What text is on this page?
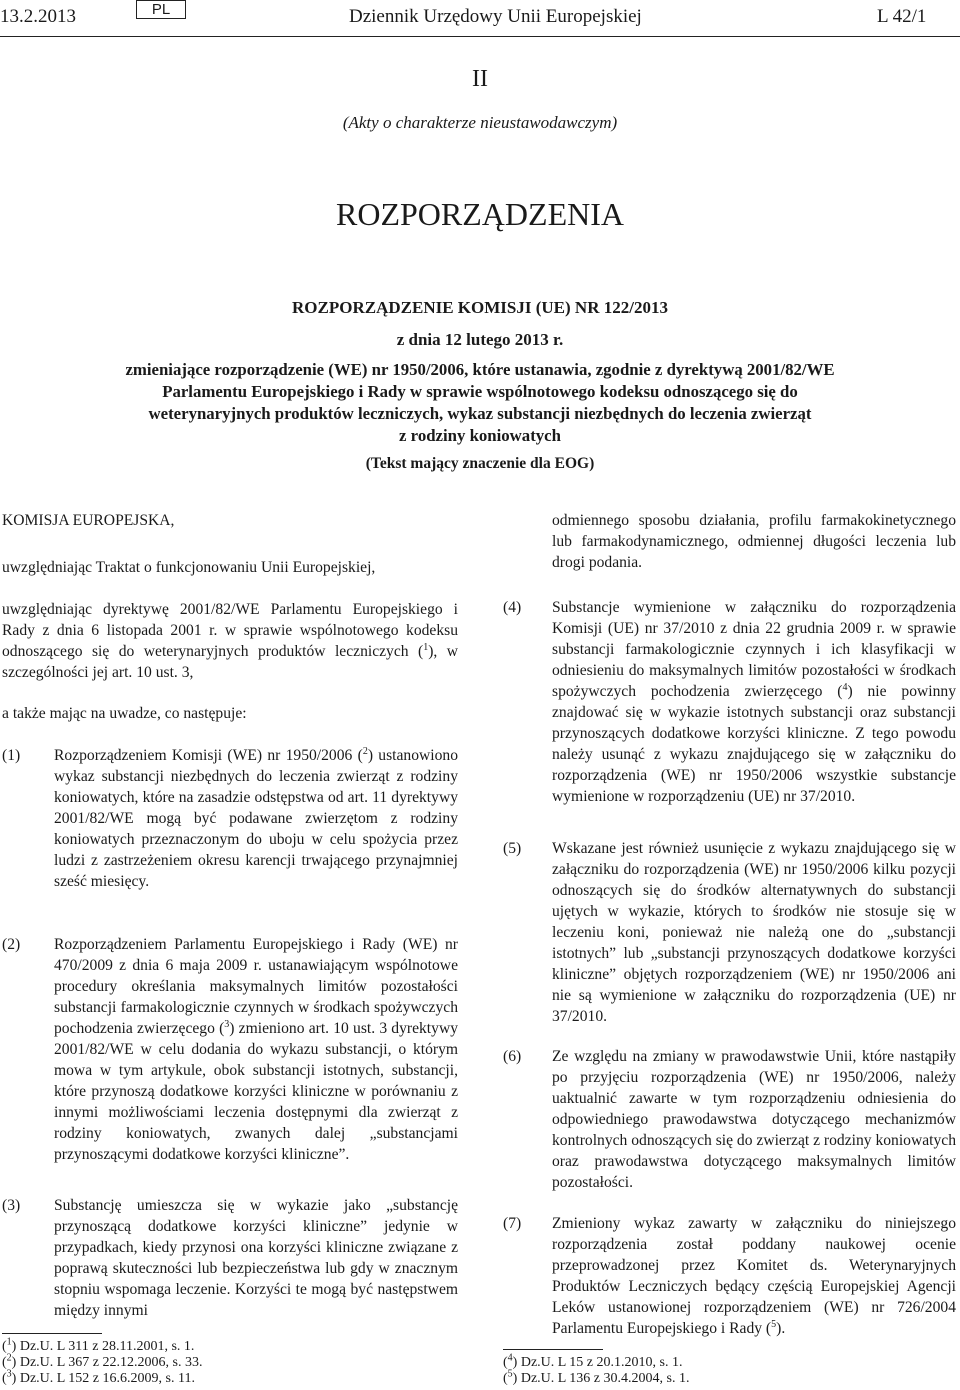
13.2.2013	PL	Dziennik Urzędowy Unii Europejskiej	L 42/1
II
(Akty o charakterze nieustawodawczym)
ROZPORZĄDZENIA
ROZPORZĄDZENIE KOMISJI (UE) NR 122/2013
z dnia 12 lutego 2013 r.
zmieniające rozporządzenie (WE) nr 1950/2006, które ustanawia, zgodnie z dyrektywą 2001/82/WE
Parlamentu Europejskiego i Rady w sprawie wspólnotowego kodeksu odnoszącego się do
weterynaryjnych produktów leczniczych, wykaz substancji niezbędnych do leczenia zwierząt
z rodziny koniowatych
(Tekst mający znaczenie dla EOG)
KOMISJA EUROPEJSKA,
uwzględniając Traktat o funkcjonowaniu Unii Europejskiej,
uwzględniając dyrektywę 2001/82/WE Parlamentu Europejskiego i Rady z dnia 6 listopada 2001 r. w sprawie wspólnotowego kodeksu odnoszącego się do weterynaryjnych produktów leczniczych ($^1$), w szczególności jej art. 10 ust. 3,
a także mając na uwadze, co następuje:
(1) Rozporządzeniem Komisji (WE) nr 1950/2006 ($^2$) ustanowiono wykaz substancji niezbędnych do leczenia zwierząt z rodziny koniowatych, które na zasadzie odstępstwa od art. 11 dyrektywy 2001/82/WE mogą być podawane zwierzętom z rodziny koniowatych przeznaczonym do uboju w celu spożycia przez ludzi z zastrzeżeniem okresu karencji trwającego przynajmniej sześć miesięcy.
(2) Rozporządzeniem Parlamentu Europejskiego i Rady (WE) nr 470/2009 z dnia 6 maja 2009 r. ustanawiającym wspólnotowe procedury określania maksymalnych limitów pozostałości substancji farmakologicznie czynnych w środkach spożywczych pochodzenia zwierzęcego ($^3$) zmieniono art. 10 ust. 3 dyrektywy 2001/82/WE w celu dodania do wykazu substancji, o którym mowa w tym artykule, obok substancji istotnych, substancji, które przynoszą dodatkowe korzyści kliniczne w porównaniu z innymi możliwościami leczenia dostępnymi dla zwierząt z rodziny koniowatych, zwanych dalej „substancjami przynoszącymi dodatkowe korzyści kliniczne”.
(3) Substancję umieszcza się w wykazie jako „substancję przynoszącą dodatkowe korzyści kliniczne” jedynie w przypadkach, kiedy przynosi ona korzyści kliniczne związane z poprawą skuteczności lub bezpieczeństwa lub gdy w znacznym stopniu wspomaga leczenie. Korzyści te mogą być następstwem między innymi
($^1$) Dz.U. L 311 z 28.11.2001, s. 1.
($^2$) Dz.U. L 367 z 22.12.2006, s. 33.
($^3$) Dz.U. L 152 z 16.6.2009, s. 11.
odmiennego sposobu działania, profilu farmakokinetycznego lub farmakodynamicznego, odmiennej długości leczenia lub drogi podania.
(4) Substancje wymienione w załączniku do rozporządzenia Komisji (UE) nr 37/2010 z dnia 22 grudnia 2009 r. w sprawie substancji farmakologicznie czynnych i ich klasyfikacji w odniesieniu do maksymalnych limitów pozostałości w środkach spożywczych pochodzenia zwierzęcego ($^4$) nie powinny znajdować się w wykazie istotnych substancji oraz substancji przynoszących dodatkowe korzyści kliniczne. Z tego powodu należy usunąć z wykazu znajdującego się w załączniku do rozporządzenia (WE) nr 1950/2006 wszystkie substancje wymienione w rozporządzeniu (UE) nr 37/2010.
(5) Wskazane jest również usunięcie z wykazu znajdującego się w załączniku do rozporządzenia (WE) nr 1950/2006 kilku pozycji odnoszących się do środków alternatywnych do substancji ujętych w wykazie, których to środków nie stosuje się w leczeniu koni, ponieważ nie należą one do „substancji istotnych” lub „substancji przynoszących dodatkowe korzyści kliniczne” objętych rozporządzeniem (WE) nr 1950/2006 ani nie są wymienione w załączniku do rozporządzenia (UE) nr 37/2010.
(6) Ze względu na zmiany w prawodawstwie Unii, które nastąpiły po przyjęciu rozporządzenia (WE) nr 1950/2006, należy uaktualnić zawarte w tym rozporządzeniu odniesienia do odpowiedniego prawodawstwa dotyczącego mechanizmów kontrolnych odnoszących się do zwierząt z rodziny koniowatych oraz prawodawstwa dotyczącego maksymalnych limitów pozostałości.
(7) Zmieniony wykaz zawarty w załączniku do niniejszego rozporządzenia został poddany naukowej ocenie przeprowadzonej przez Komitet ds. Weterynaryjnych Produktów Leczniczych będący częścią Europejskiej Agencji Leków ustanowionej rozporządzeniem (WE) nr 726/2004 Parlamentu Europejskiego i Rady ($^5$).
($^4$) Dz.U. L 15 z 20.1.2010, s. 1.
($^5$) Dz.U. L 136 z 30.4.2004, s. 1.
